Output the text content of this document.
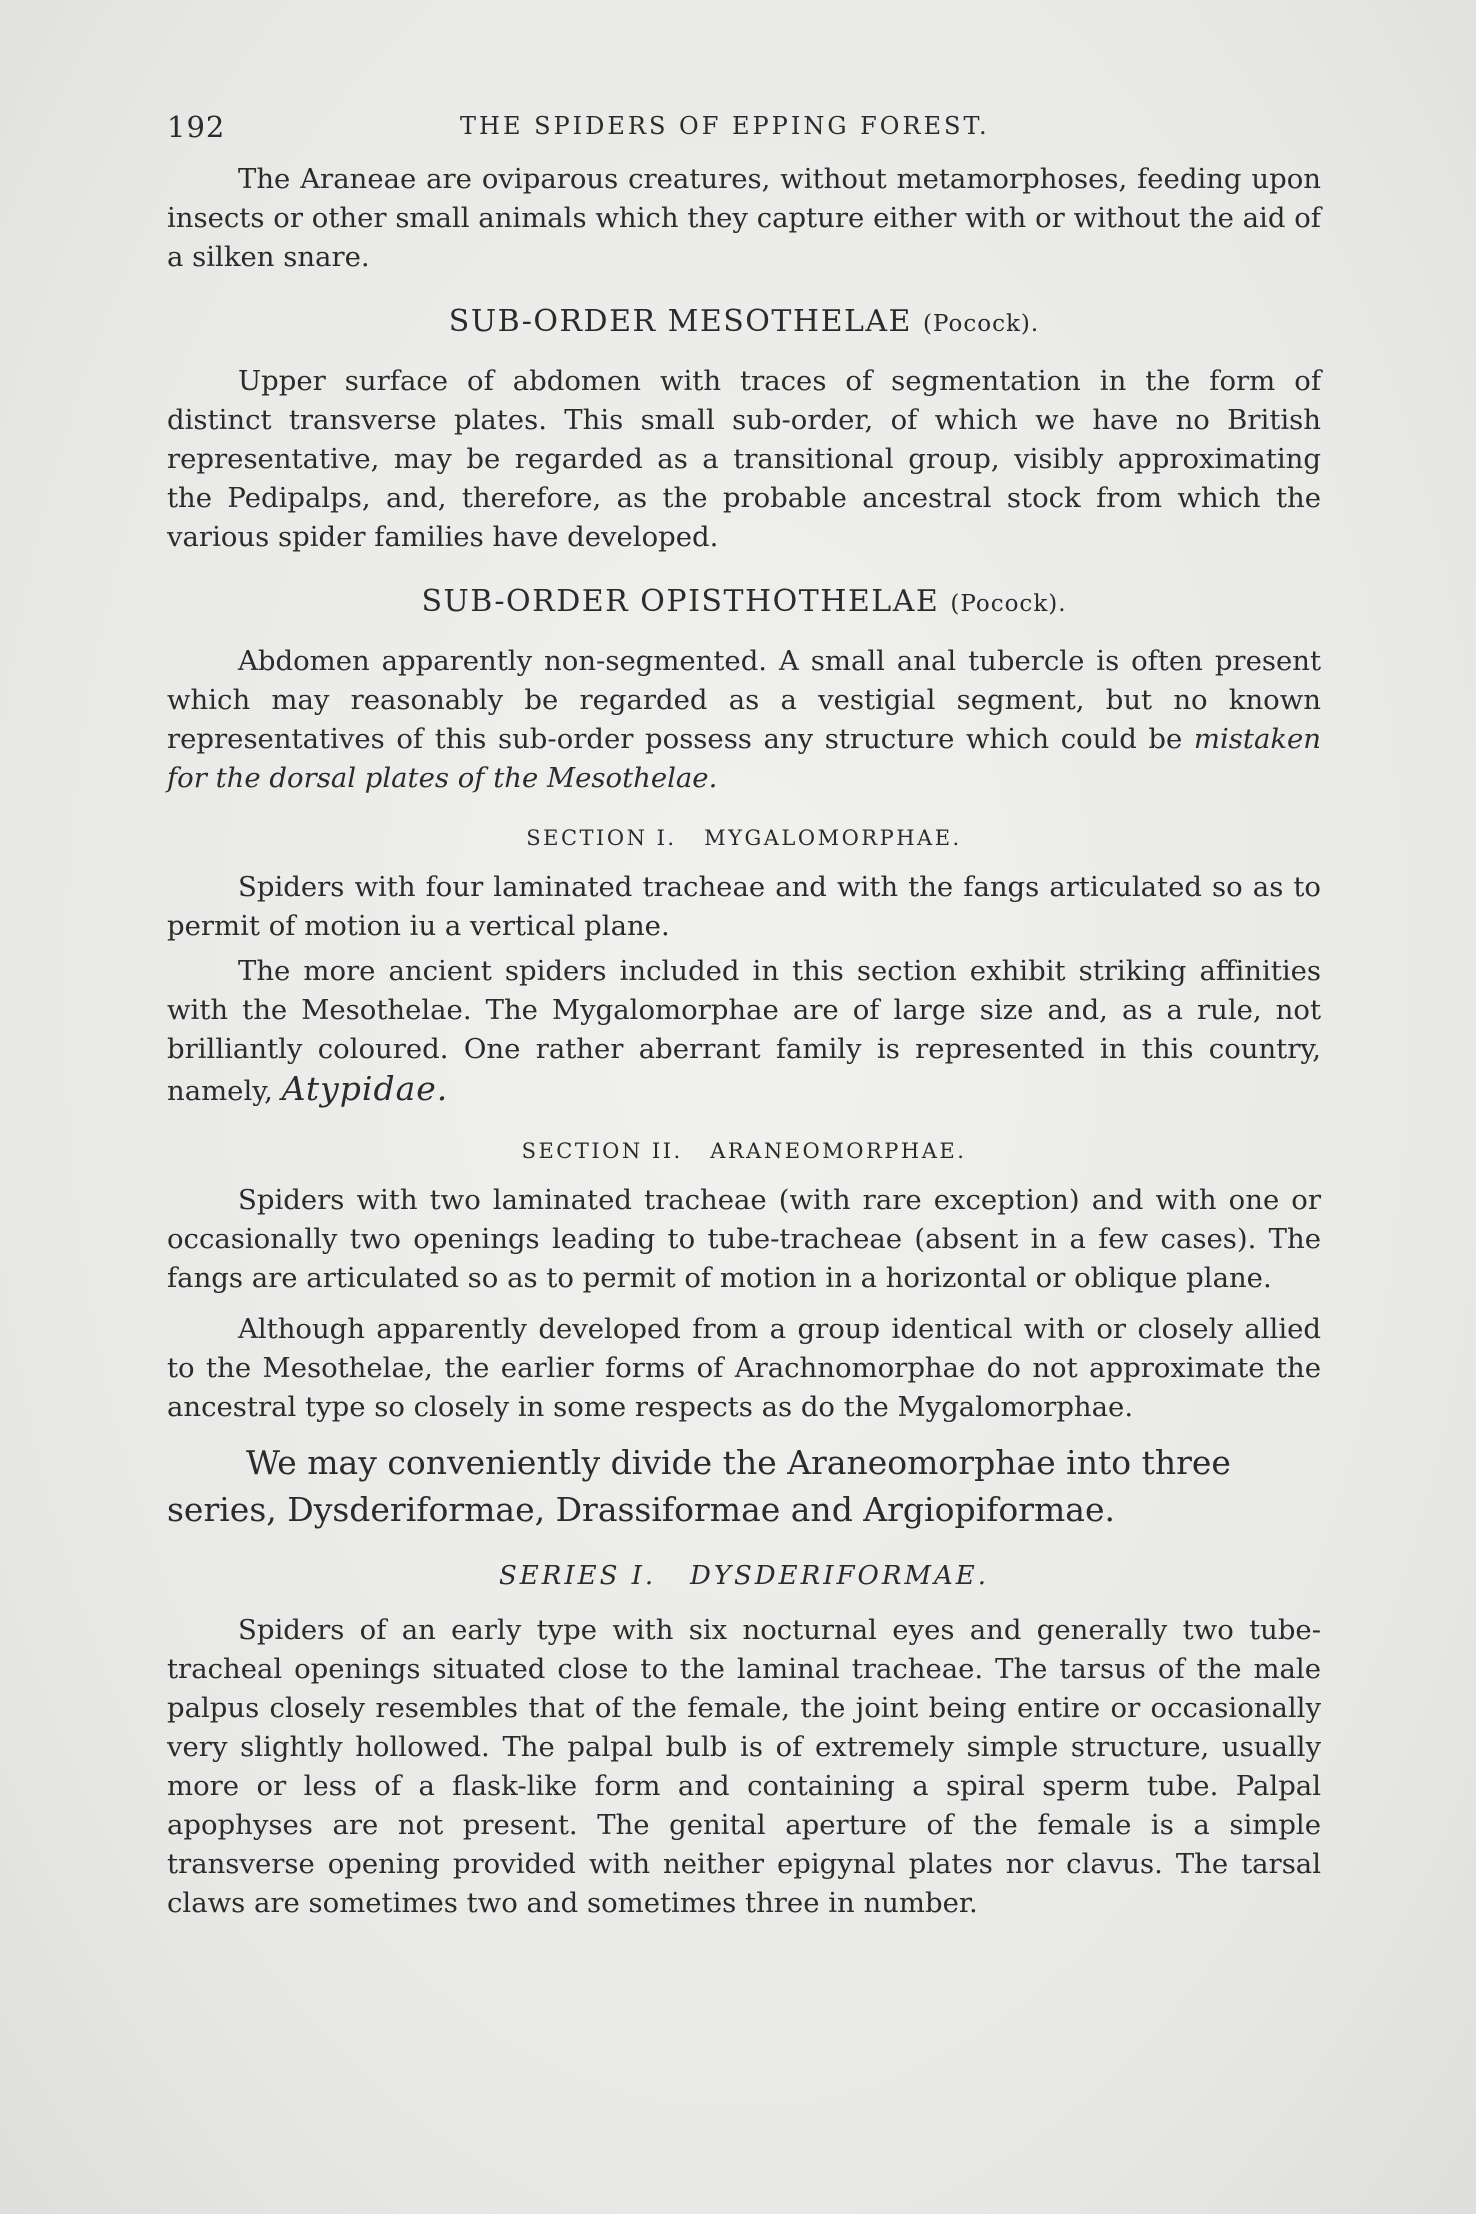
192	THE SPIDERS OF EPPING FOREST.

The Araneae are oviparous creatures, without metamorphoses, feeding upon insects or other small animals which they capture either with or without the aid of a silken snare.

SUB-ORDER MESOTHELAE (Pocock).

Upper surface of abdomen with traces of segmentation in the form of distinct transverse plates. This small sub-order, of which we have no British representative, may be regarded as a transitional group, visibly approximating the Pedipalps, and, therefore, as the probable ancestral stock from which the various spider families have developed.

SUB-ORDER OPISTHOTHELAE (Pocock).

Abdomen apparently non-segmented. A small anal tubercle is often present which may reasonably be regarded as a vestigial segment, but no known representatives of this sub-order possess any structure which could be mistaken for the dorsal plates of the Mesothelae.

SECTION I.   MYGALOMORPHAE.

Spiders with four laminated tracheae and with the fangs articulated so as to permit of motion iu a vertical plane.

The more ancient spiders included in this section exhibit striking affinities with the Mesothelae. The Mygalomorphae are of large size and, as a rule, not brilliantly coloured. One rather aberrant family is represented in this country, namely, Atypidae.

SECTION II.   ARANEOMORPHAE.

Spiders with two laminated tracheae (with rare exception) and with one or occasionally two openings leading to tube-tracheae (absent in a few cases). The fangs are articulated so as to permit of motion in a horizontal or oblique plane.

Although apparently developed from a group identical with or closely allied to the Mesothelae, the earlier forms of Arachnomorphae do not approximate the ancestral type so closely in some respects as do the Mygalomorphae.

We may conveniently divide the Araneomorphae into three series, Dysderiformae, Drassiformae and Argiopiformae.

SERIES I.   DYSDERIFORMAE.

Spiders of an early type with six nocturnal eyes and generally two tube-tracheal openings situated close to the laminal tracheae. The tarsus of the male palpus closely resembles that of the female, the joint being entire or occasionally very slightly hollowed. The palpal bulb is of extremely simple structure, usually more or less of a flask-like form and containing a spiral sperm tube. Palpal apophyses are not present. The genital aperture of the female is a simple transverse opening provided with neither epigynal plates nor clavus. The tarsal claws are sometimes two and sometimes three in number.
